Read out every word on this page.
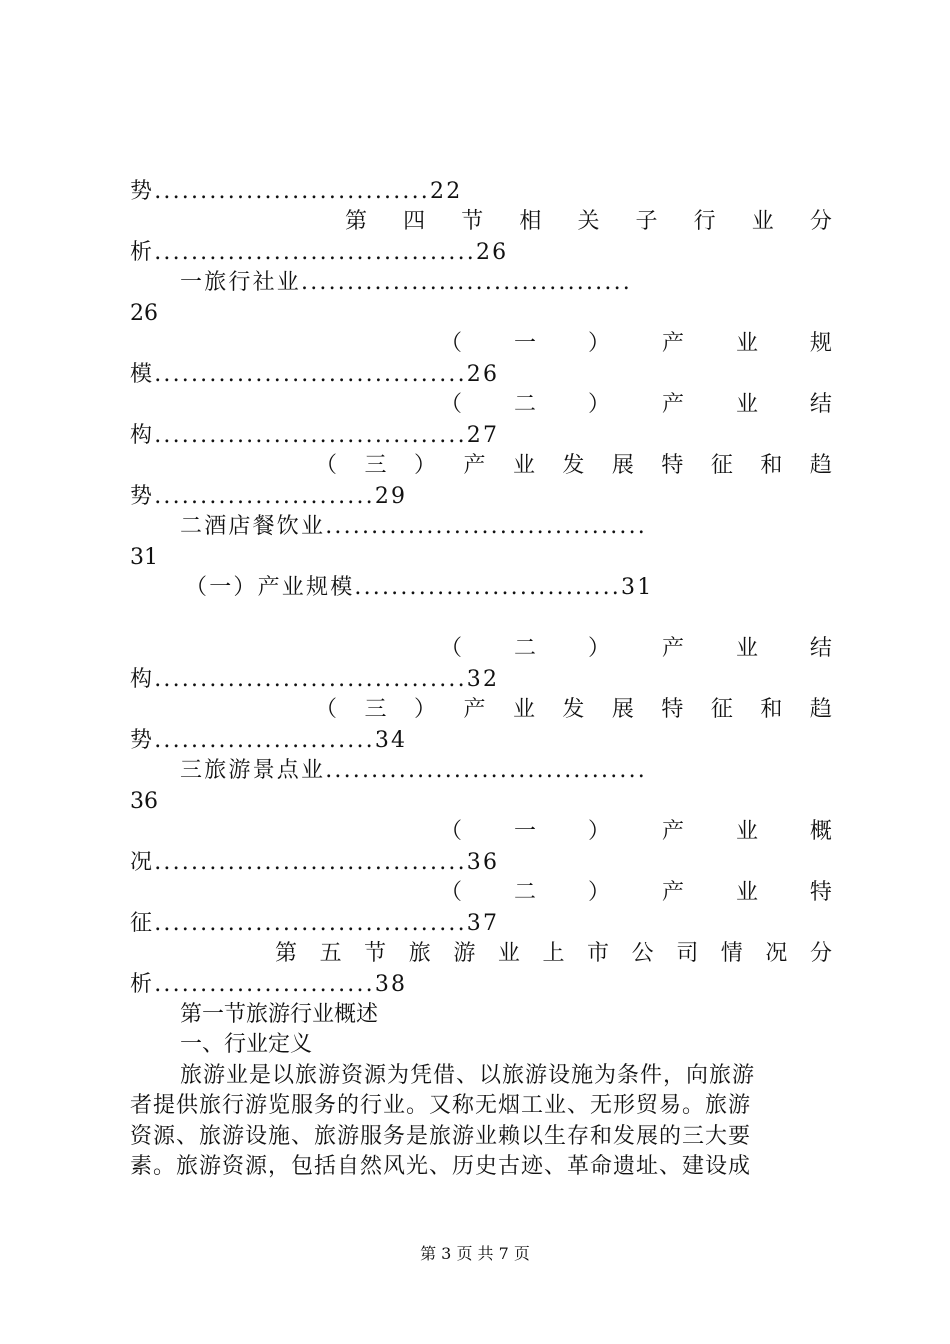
势..............................22
第 四 节 相 关 子 行 业 分
析...................................26
一旅行社业....................................
26
（ 一 ） 产 业 规
模..................................26
（ 二 ） 产 业 结
构..................................27
（ 三 ） 产 业 发 展 特 征 和 趋
势........................29
二酒店餐饮业...................................
31
（一）产业规模.............................31
（ 二 ） 产 业 结
构..................................32
（ 三 ） 产 业 发 展 特 征 和 趋
势........................34
三旅游景点业...................................
36
（ 一 ） 产 业 概
况..................................36
（ 二 ） 产 业 特
征..................................37
第 五 节 旅 游 业 上 市 公 司 情 况 分
析........................38
第一节旅游行业概述
一、行业定义
旅游业是以旅游资源为凭借、以旅游设施为条件，向旅游
者提供旅行游览服务的行业。又称无烟工业、无形贸易。旅游
资源、旅游设施、旅游服务是旅游业赖以生存和发展的三大要
素。旅游资源，包括自然风光、历史古迹、革命遗址、建设成
第 3 页 共 7 页
